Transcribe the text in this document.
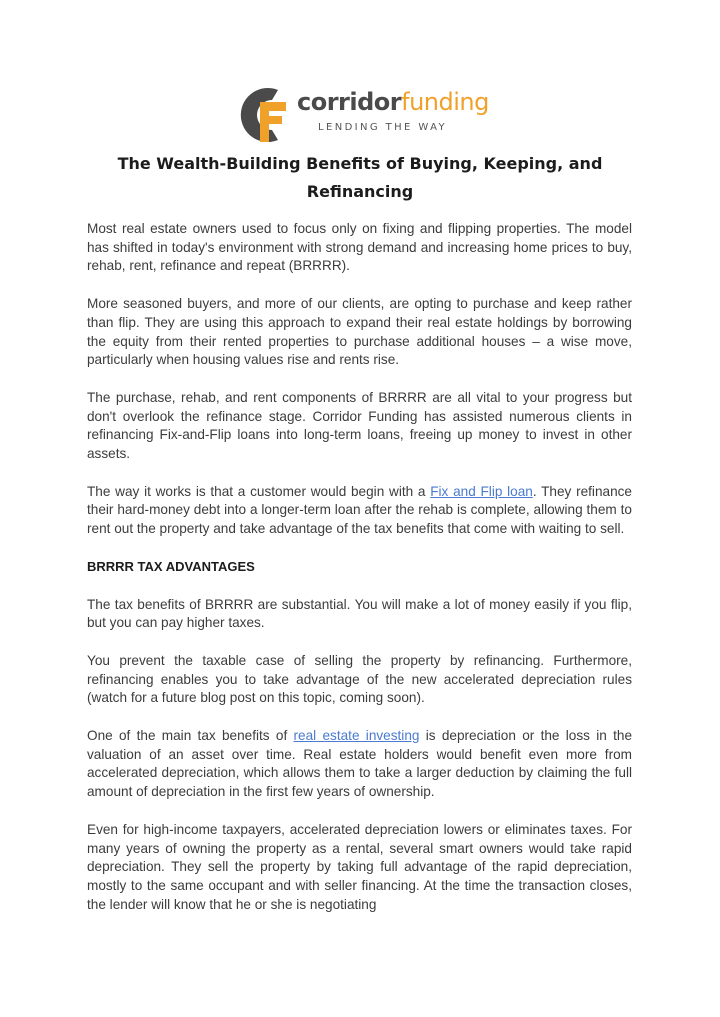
corridorfunding
LENDING THE WAY
The Wealth-Building Benefits of Buying, Keeping, and Refinancing

Most real estate owners used to focus only on fixing and flipping properties. The model has shifted in today's environment with strong demand and increasing home prices to buy, rehab, rent, refinance and repeat (BRRRR).

More seasoned buyers, and more of our clients, are opting to purchase and keep rather than flip. They are using this approach to expand their real estate holdings by borrowing the equity from their rented properties to purchase additional houses – a wise move, particularly when housing values rise and rents rise.

The purchase, rehab, and rent components of BRRRR are all vital to your progress but don't overlook the refinance stage. Corridor Funding has assisted numerous clients in refinancing Fix-and-Flip loans into long-term loans, freeing up money to invest in other assets.

The way it works is that a customer would begin with a Fix and Flip loan. They refinance their hard-money debt into a longer-term loan after the rehab is complete, allowing them to rent out the property and take advantage of the tax benefits that come with waiting to sell.

BRRRR TAX ADVANTAGES

The tax benefits of BRRRR are substantial. You will make a lot of money easily if you flip, but you can pay higher taxes.

You prevent the taxable case of selling the property by refinancing. Furthermore, refinancing enables you to take advantage of the new accelerated depreciation rules (watch for a future blog post on this topic, coming soon).

One of the main tax benefits of real estate investing is depreciation or the loss in the valuation of an asset over time. Real estate holders would benefit even more from accelerated depreciation, which allows them to take a larger deduction by claiming the full amount of depreciation in the first few years of ownership.

Even for high-income taxpayers, accelerated depreciation lowers or eliminates taxes. For many years of owning the property as a rental, several smart owners would take rapid depreciation. They sell the property by taking full advantage of the rapid depreciation, mostly to the same occupant and with seller financing. At the time the transaction closes, the lender will know that he or she is negotiating
